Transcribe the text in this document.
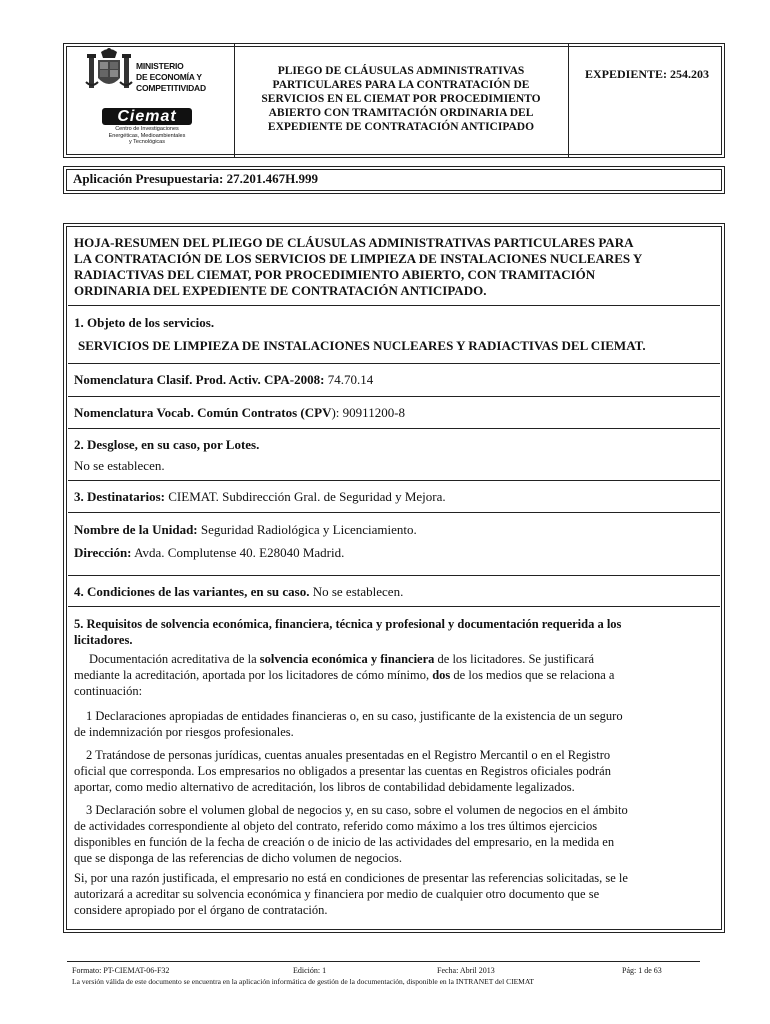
MINISTERIO
DE ECONOMÍA Y
COMPETITIVIDAD
Ciemat
Centro de Investigaciones
Energéticas, Medioambientales
y Tecnológicas
PLIEGO DE CLÁUSULAS ADMINISTRATIVAS
PARTICULARES PARA LA CONTRATACIÓN DE
SERVICIOS EN EL CIEMAT POR PROCEDIMIENTO
ABIERTO CON TRAMITACIÓN ORDINARIA DEL
EXPEDIENTE DE CONTRATACIÓN ANTICIPADO
EXPEDIENTE: 254.203
Aplicación Presupuestaria: 27.201.467H.999
HOJA-RESUMEN DEL PLIEGO DE CLÁUSULAS ADMINISTRATIVAS PARTICULARES PARA
LA CONTRATACIÓN DE LOS SERVICIOS DE LIMPIEZA DE INSTALACIONES NUCLEARES Y
RADIACTIVAS DEL CIEMAT, POR PROCEDIMIENTO ABIERTO, CON TRAMITACIÓN
ORDINARIA DEL EXPEDIENTE DE CONTRATACIÓN ANTICIPADO.
1. Objeto de los servicios.
SERVICIOS DE LIMPIEZA DE INSTALACIONES NUCLEARES Y RADIACTIVAS DEL CIEMAT.
Nomenclatura Clasif. Prod. Activ. CPA-2008: 74.70.14
Nomenclatura Vocab. Común Contratos (CPV): 90911200-8
2. Desglose, en su caso, por Lotes.
No se establecen.
3. Destinatarios: CIEMAT. Subdirección Gral. de Seguridad y Mejora.
Nombre de la Unidad: Seguridad Radiológica y Licenciamiento.
Dirección: Avda. Complutense 40. E28040 Madrid.
4. Condiciones de las variantes, en su caso. No se establecen.
5. Requisitos de solvencia económica, financiera, técnica y profesional y documentación requerida a los
licitadores.
Documentación acreditativa de la solvencia económica y financiera de los licitadores. Se justificará
mediante la acreditación, aportada por los licitadores de cómo mínimo, dos de los medios que se relaciona a
continuación:
1 Declaraciones apropiadas de entidades financieras o, en su caso, justificante de la existencia de un seguro
de indemnización por riesgos profesionales.
2 Tratándose de personas jurídicas, cuentas anuales presentadas en el Registro Mercantil o en el Registro
oficial que corresponda. Los empresarios no obligados a presentar las cuentas en Registros oficiales podrán
aportar, como medio alternativo de acreditación, los libros de contabilidad debidamente legalizados.
3 Declaración sobre el volumen global de negocios y, en su caso, sobre el volumen de negocios en el ámbito
de actividades correspondiente al objeto del contrato, referido como máximo a los tres últimos ejercicios
disponibles en función de la fecha de creación o de inicio de las actividades del empresario, en la medida en
que se disponga de las referencias de dicho volumen de negocios.
Si, por una razón justificada, el empresario no está en condiciones de presentar las referencias solicitadas, se le
autorizará a acreditar su solvencia económica y financiera por medio de cualquier otro documento que se
considere apropiado por el órgano de contratación.
Formato: PT-CIEMAT-06-F32	Edición: 1	Fecha: Abril 2013	Pág: 1 de 63
La versión válida de este documento se encuentra en la aplicación informática de gestión de la documentación, disponible en la INTRANET del CIEMAT
